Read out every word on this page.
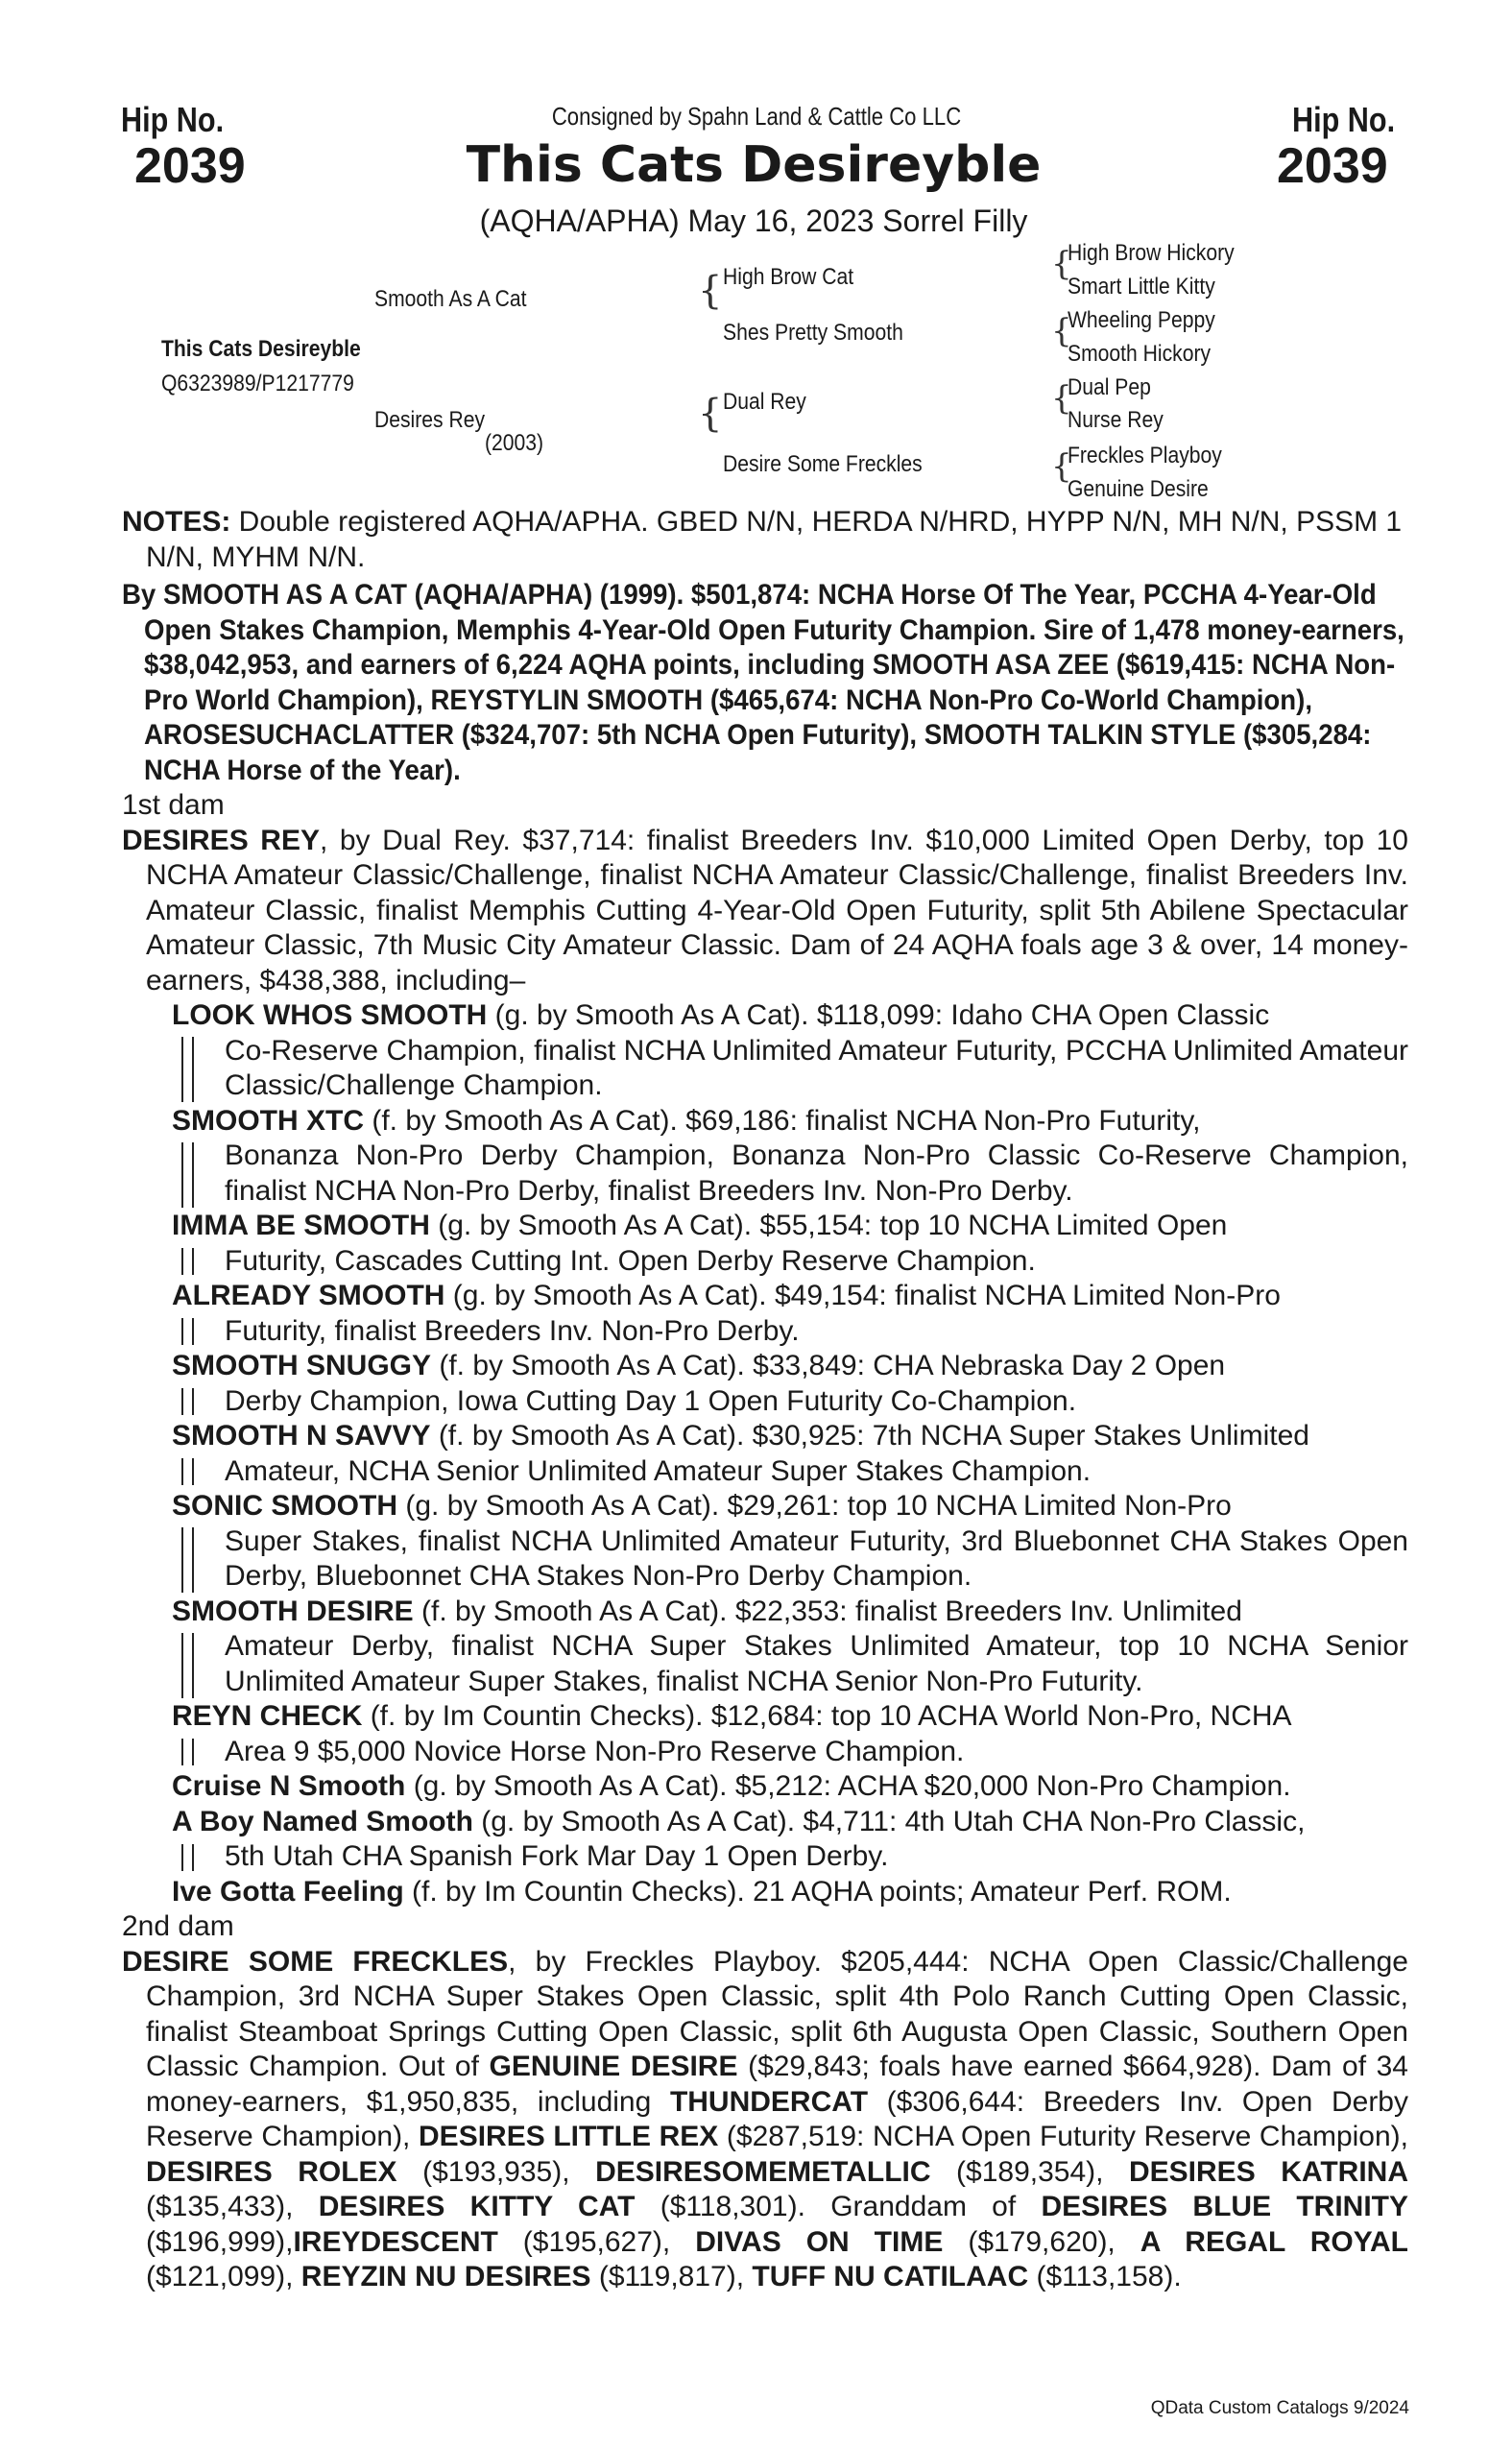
Hip No.
2039
Hip No.
2039
Consigned by Spahn Land & Cattle Co LLC
This Cats Desireyble
(AQHA/APHA) May 16, 2023 Sorrel Filly
This Cats Desireyble
Q6323989/P1217779
Smooth As A Cat
Desires Rey
(2003)
{ High Brow Cat
Shes Pretty Smooth
{ Dual Rey
Desire Some Freckles
{
High Brow Hickory
Smart Little Kitty
{
Wheeling Peppy
Smooth Hickory
{
Dual Pep
Nurse Rey
{
Freckles Playboy
Genuine Desire

NOTES: Double registered AQHA/APHA. GBED N/N, HERDA N/HRD, HYPP N/N, MH N/N, PSSM 1 N/N, MYHM N/N.

By SMOOTH AS A CAT (AQHA/APHA) (1999). $501,874: NCHA Horse Of The Year, PCCHA 4-Year-Old Open Stakes Champion, Memphis 4-Year-Old Open Futurity Champion. Sire of 1,478 money-earners, $38,042,953, and earners of 6,224 AQHA points, including SMOOTH ASA ZEE ($619,415: NCHA Non-Pro World Champion), REYSTYLIN SMOOTH ($465,674: NCHA Non-Pro Co-World Champion), AROSESUCHACLATTER ($324,707: 5th NCHA Open Futurity), SMOOTH TALKIN STYLE ($305,284: NCHA Horse of the Year).

1st dam

DESIRES REY, by Dual Rey. $37,714: finalist Breeders Inv. $10,000 Limited Open Derby, top 10 NCHA Amateur Classic/Challenge, finalist NCHA Amateur Classic/Challenge, finalist Breeders Inv. Amateur Classic, finalist Memphis Cutting 4-Year-Old Open Futurity, split 5th Abilene Spectacular Amateur Classic, 7th Music City Amateur Classic. Dam of 24 AQHA foals age 3 & over, 14 money-earners, $438,388, including–

LOOK WHOS SMOOTH (g. by Smooth As A Cat). $118,099: Idaho CHA Open Classic

Co-Reserve Champion, finalist NCHA Unlimited Amateur Futurity, PCCHA Unlimited Amateur Classic/Challenge Champion.

SMOOTH XTC (f. by Smooth As A Cat). $69,186: finalist NCHA Non-Pro Futurity,

Bonanza Non-Pro Derby Champion, Bonanza Non-Pro Classic Co-Reserve Champion, finalist NCHA Non-Pro Derby, finalist Breeders Inv. Non-Pro Derby.

IMMA BE SMOOTH (g. by Smooth As A Cat). $55,154: top 10 NCHA Limited Open

Futurity, Cascades Cutting Int. Open Derby Reserve Champion.

ALREADY SMOOTH (g. by Smooth As A Cat). $49,154: finalist NCHA Limited Non-Pro

Futurity, finalist Breeders Inv. Non-Pro Derby.

SMOOTH SNUGGY (f. by Smooth As A Cat). $33,849: CHA Nebraska Day 2 Open

Derby Champion, Iowa Cutting Day 1 Open Futurity Co-Champion.

SMOOTH N SAVVY (f. by Smooth As A Cat). $30,925: 7th NCHA Super Stakes Unlimited

Amateur, NCHA Senior Unlimited Amateur Super Stakes Champion.

SONIC SMOOTH (g. by Smooth As A Cat). $29,261: top 10 NCHA Limited Non-Pro

Super Stakes, finalist NCHA Unlimited Amateur Futurity, 3rd Bluebonnet CHA Stakes Open Derby, Bluebonnet CHA Stakes Non-Pro Derby Champion.

SMOOTH DESIRE (f. by Smooth As A Cat). $22,353: finalist Breeders Inv. Unlimited

Amateur Derby, finalist NCHA Super Stakes Unlimited Amateur, top 10 NCHA Senior Unlimited Amateur Super Stakes, finalist NCHA Senior Non-Pro Futurity.

REYN CHECK (f. by Im Countin Checks). $12,684: top 10 ACHA World Non-Pro, NCHA

Area 9 $5,000 Novice Horse Non-Pro Reserve Champion.

Cruise N Smooth (g. by Smooth As A Cat). $5,212: ACHA $20,000 Non-Pro Champion.

A Boy Named Smooth (g. by Smooth As A Cat). $4,711: 4th Utah CHA Non-Pro Classic,

5th Utah CHA Spanish Fork Mar Day 1 Open Derby.

Ive Gotta Feeling (f. by Im Countin Checks). 21 AQHA points; Amateur Perf. ROM.

2nd dam

DESIRE SOME FRECKLES, by Freckles Playboy. $205,444: NCHA Open Classic/Challenge Champion, 3rd NCHA Super Stakes Open Classic, split 4th Polo Ranch Cutting Open Classic, finalist Steamboat Springs Cutting Open Classic, split 6th Augusta Open Classic, Southern Open Classic Champion. Out of GENUINE DESIRE ($29,843; foals have earned $664,928). Dam of 34 money-earners, $1,950,835, including THUNDERCAT ($306,644: Breeders Inv. Open Derby Reserve Champion), DESIRES LITTLE REX ($287,519: NCHA Open Futurity Reserve Champion), DESIRES ROLEX ($193,935), DESIRESOMEMETALLIC ($189,354), DESIRES KATRINA ($135,433), DESIRES KITTY CAT ($118,301). Granddam of DESIRES BLUE TRINITY ($196,999),IREYDESCENT ($195,627), DIVAS ON TIME ($179,620), A REGAL ROYAL ($121,099), REYZIN NU DESIRES ($119,817), TUFF NU CATILAAC ($113,158).

QData Custom Catalogs 9/2024
